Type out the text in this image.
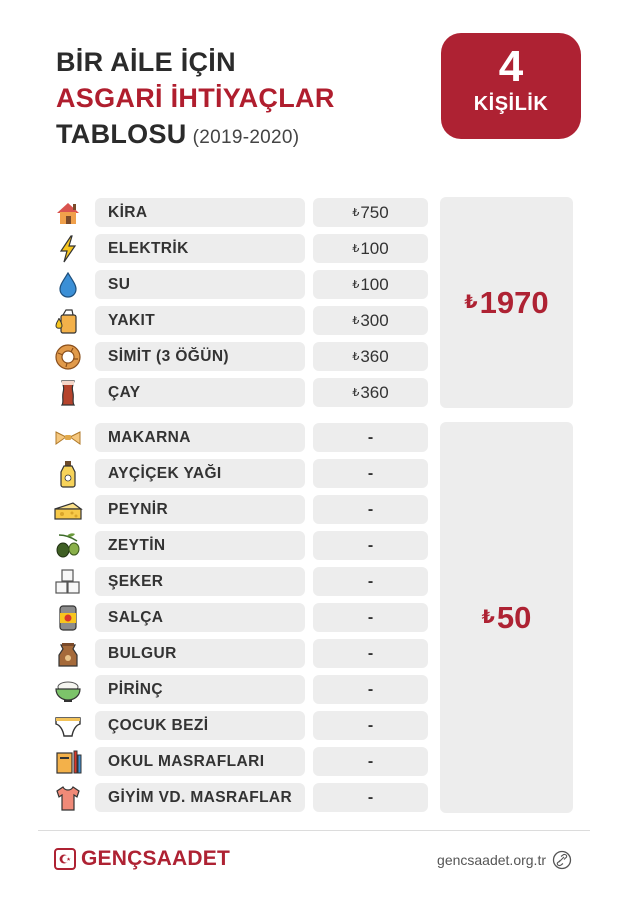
BİR AİLE İÇİN
ASGARİ İHTİYAÇLAR
TABLOSU (2019-2020)
4
KİŞİLİK
KİRA	₺ 750
ELEKTRİK	₺ 100
SU	₺ 100
YAKIT	₺ 300
SİMİT (3 ÖĞÜN)	₺ 360
ÇAY	₺ 360
₺ 1970
MAKARNA	-
AYÇİÇEK YAĞI	-
PEYNİR	-
ZEYTİN	-
ŞEKER	-
SALÇA	-
BULGUR	-
PİRİNÇ	-
ÇOCUK BEZİ	-
OKUL MASRAFLARI	-
GİYİM VD. MASRAFLAR	-
₺ 50
GENÇSAADET	gencsaadet.org.tr
